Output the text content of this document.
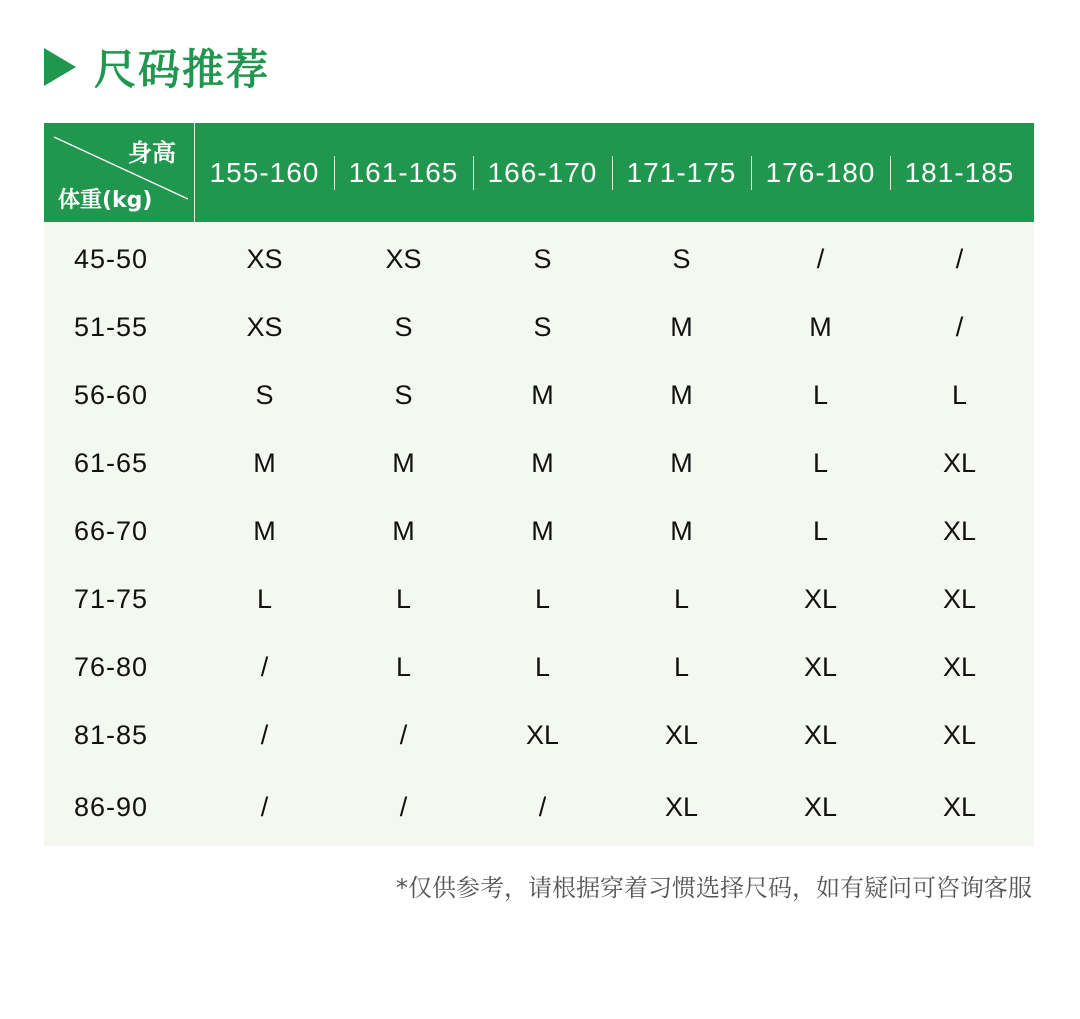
尺码推荐
身高
体重(kg)
155-160	161-165	166-170	171-175	176-180	181-185
45-50	XS	XS	S	S	/	/
51-55	XS	S	S	M	M	/
56-60	S	S	M	M	L	L
61-65	M	M	M	M	L	XL
66-70	M	M	M	M	L	XL
71-75	L	L	L	L	XL	XL
76-80	/	L	L	L	XL	XL
81-85	/	/	XL	XL	XL	XL
86-90	/	/	/	XL	XL	XL
*仅供参考，请根据穿着习惯选择尺码，如有疑问可咨询客服
